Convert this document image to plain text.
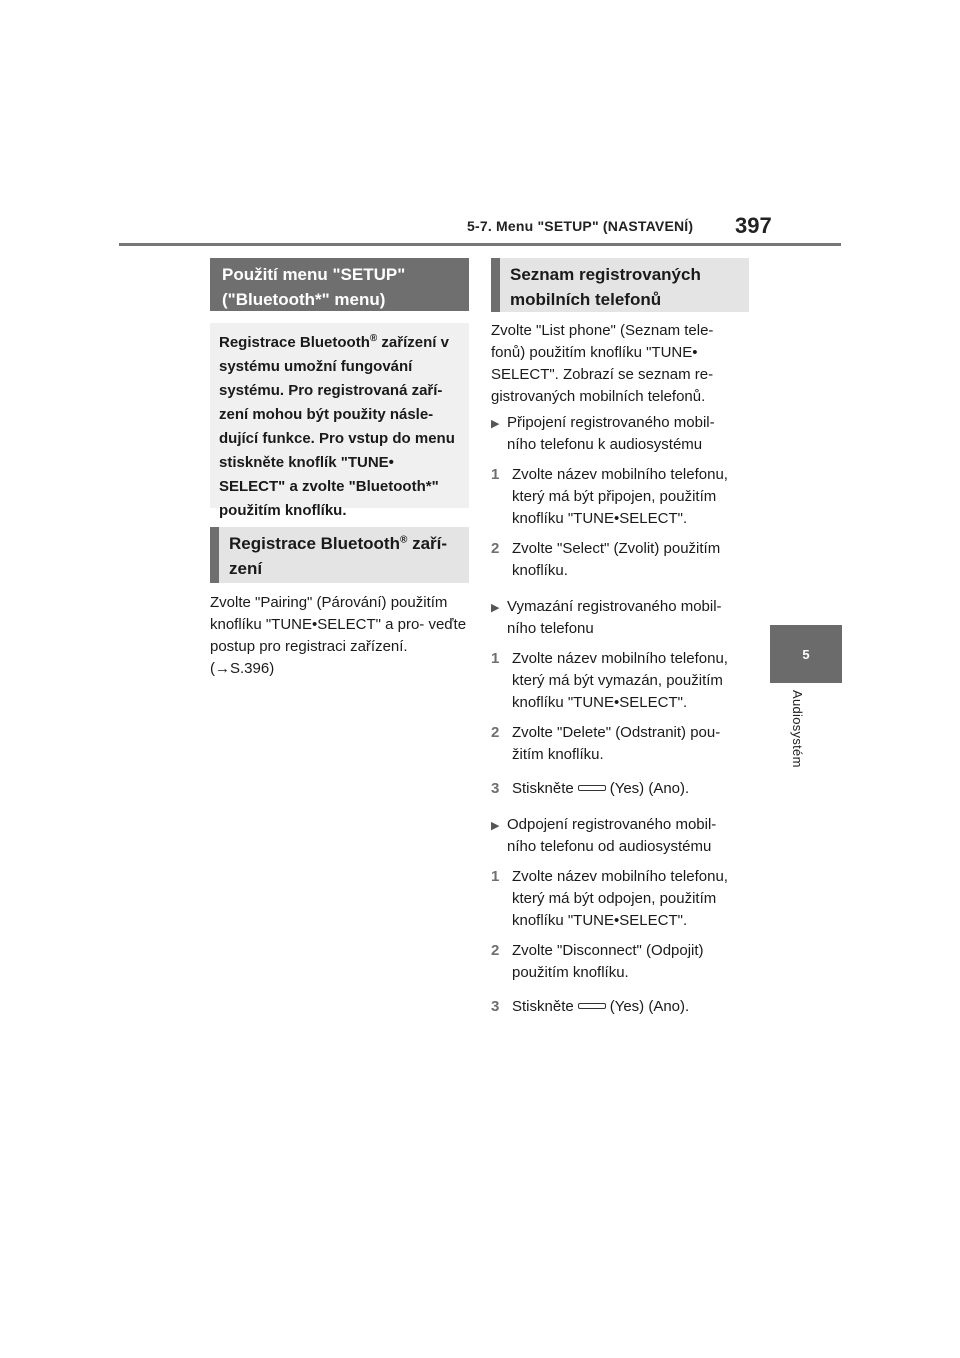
5-7. Menu "SETUP" (NASTAVENÍ) 397
5
Audiosystém
Použití menu "SETUP" ("Bluetooth*" menu)
Registrace Bluetooth® zařízení v systému umožní fungování systému. Pro registrovaná zaří- zení mohou být použity násle- dující funkce. Pro vstup do menu stiskněte knoflík "TUNE• SELECT" a zvolte "Bluetooth*" použitím knoflíku.
Registrace Bluetooth® zaří- zení
Zvolte "Pairing" (Párování) použitím knoflíku "TUNE•SELECT" a pro- veďte postup pro registraci zařízení. (→S.396)
Seznam registrovaných mobilních telefonů
Zvolte "List phone" (Seznam tele- fonů) použitím knoflíku "TUNE• SELECT". Zobrazí se seznam re- gistrovaných mobilních telefonů.
▶ Připojení registrovaného mobil- ního telefonu k audiosystému
1 Zvolte název mobilního telefonu, který má být připojen, použitím knoflíku "TUNE•SELECT".
2 Zvolte "Select" (Zvolit) použitím knoflíku.
▶ Vymazání registrovaného mobil- ního telefonu
1 Zvolte název mobilního telefonu, který má být vymazán, použitím knoflíku "TUNE•SELECT".
2 Zvolte "Delete" (Odstranit) pou- žitím knoflíku.
3 Stiskněte (Yes) (Ano).
▶ Odpojení registrovaného mobil- ního telefonu od audiosystému
1 Zvolte název mobilního telefonu, který má být odpojen, použitím knoflíku "TUNE•SELECT".
2 Zvolte "Disconnect" (Odpojit) použitím knoflíku.
3 Stiskněte (Yes) (Ano).
